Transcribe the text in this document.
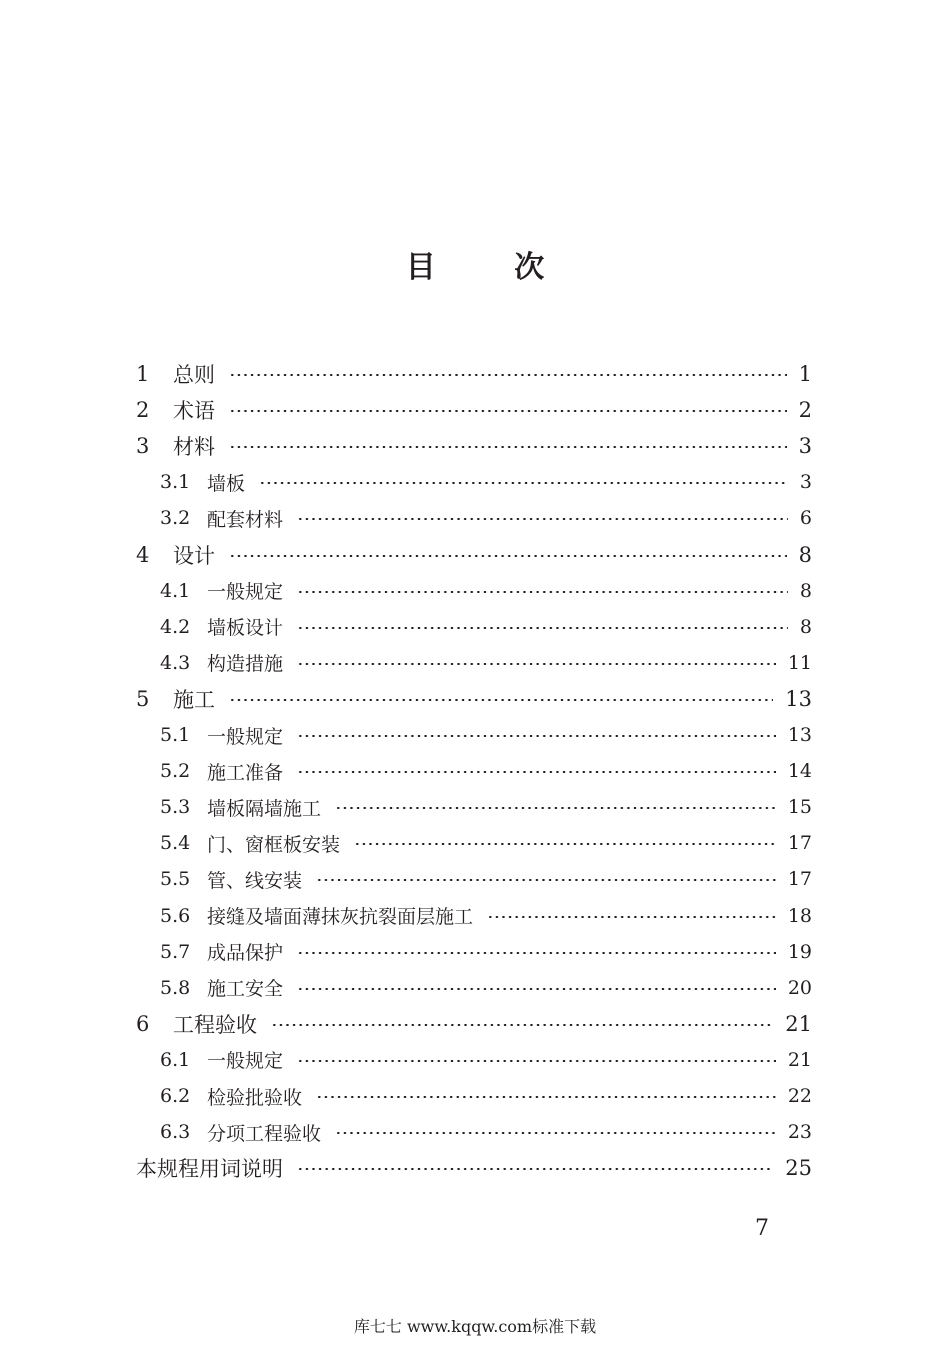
目 次
1 总则	1
2 术语	2
3 材料	3
3.1 墙板	3
3.2 配套材料	6
4 设计	8
4.1 一般规定	8
4.2 墙板设计	8
4.3 构造措施	11
5 施工	13
5.1 一般规定	13
5.2 施工准备	14
5.3 墙板隔墙施工	15
5.4 门、窗框板安装	17
5.5 管、线安装	17
5.6 接缝及墙面薄抹灰抗裂面层施工	18
5.7 成品保护	19
5.8 施工安全	20
6 工程验收	21
6.1 一般规定	21
6.2 检验批验收	22
6.3 分项工程验收	23
本规程用词说明	25
7
库七七 www.kqqw.com标准下载
